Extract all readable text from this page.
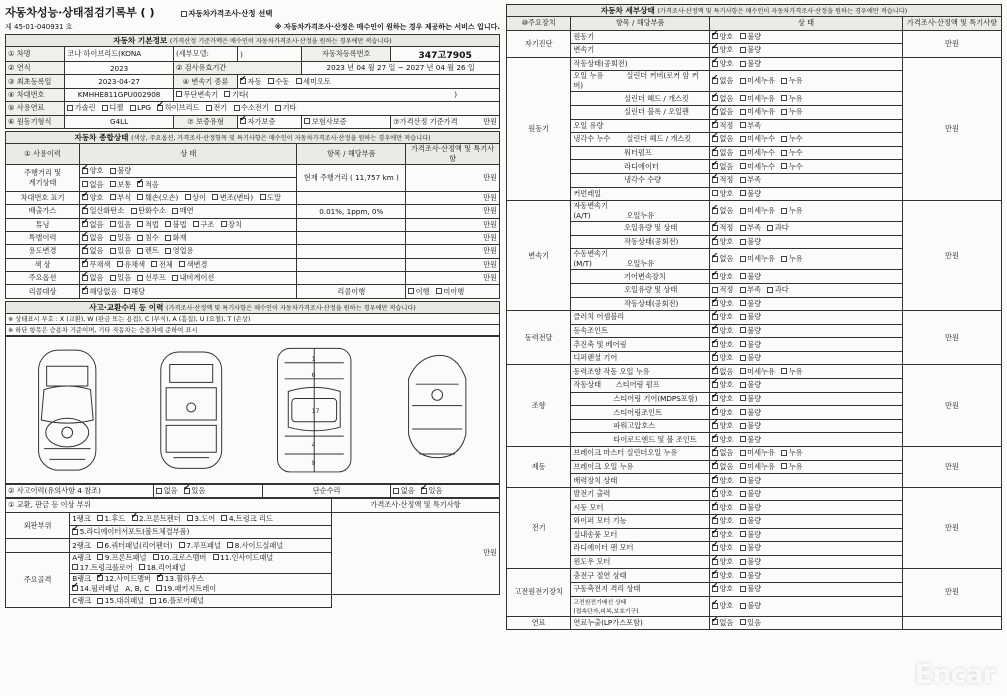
자동차성능·상태점검기록부 ( )	자동차가격조사·산정 선택
제 45-01-040931 호	※ 자동차가격조사·산정은 매수인이 원하는 경우 제공하는 서비스 입니다.
자동차 기본정보 (가격산정 기준가액은 매수인이 자동차가격조사·산정을 원하는 경우에만 적습니다)					
① 차명	코나 하이브리드(KONA	(세부모델:	)	자동차등록번호	347고7905
② 연식	2023	② 검사유효기간		2023 년 04 월 27 일 ~ 2027 년 04 월 26 일	
③ 최초등록일	2023-04-27	④ 변속기 종류	✔자동 수동 세미오토
④ 차대번호	KMHHE811GPU002908	무단변속기 기타( )			

⑤ 사용연료	가솔린 디젤 LPG ✔ 하이브리드 전기 수소전기 기타
⑥ 원동기형식	G4LL	⑦ 보증유형	✔자가보증	보험사보증	⑦가격산정 기준가격 만원
자동차 종합상태 (색상, 주요옵션, 가격조사·산정항목 및 특기사항은 매수인이 자동차가격조사·산정을 원하는 경우에만 적습니다)			
① 사용이력	상 태	항목 / 해당부품	가격조사·산정액 및 특기사항
주행거리 및
계기상태	✔양호 불량	현재 주행거리 ( 11,757 km )	만원
	없음 보통 ✔ 적음
차대번호 표기	✔양호 부식 훼손(오손) 상이 변조(변타) 도말		만원
배출가스	✔일산화탄소 탄화수소 매연	0.01%, 1ppm, 0%	만원
튜닝	✔없음 있음 적법 불법 구조 장치		만원
특별이력	✔없음 있음 침수 화재		만원
용도변경	✔없음 있음 렌트 영업용		만원
색 상	✔무채색 유채색 전체 색변경		만원
주요옵션	✔없음 있음 선루프 내비게이션		만원
리콜대상	✔해당없음 해당	리콜이행	이행 미이행
사고·교환수리 등 이력 (가격조사·산정액 및 특기사항은 매수인이 자동차가격조사·산정을 원하는 경우에만 적습니다)
※ 상태표시 부호 : X (교환), W (판금 또는 용접), C (부식), A (흠집), U (요철), T (손상)
※ 하단 항목은 승용차 기준이며, 기타 자동차는 승용차에 준하여 표시
1
6
17
4
9
② 사고이력(유의사항 4 참조)	없음 ✔ 있음	단순수리	없음 ✔ 있음
① 교환, 판금 등 이상 부위		가격조사·산정액 및 특기사항
외판부위	1랭크 1.후드 ✔ 2.프론트펜더 3.도어 4.트렁크 리드	만원
✔5.라디에이터서포트(볼트체결부품)
	2랭크 6.쿼터패널(리어펜더) 7.루프패널 8.사이드실패널	
주요골격	A랭크 9.프론트패널 10.크로스멤버 11.인사이드패널
17.트렁크플로어 18.리어패널	
	B랭크 ✔ 12.사이드멤버 ✔ 13.휠하우스
✔14.필러패널 A, B, C 19.패키지트레이
	C랭크 15.대쉬패널 16.플로어패널	
자동차 세부상태 (가격조사·산정액 및 특기사항은 매수인이 자동차가격조사·산정을 원하는 경우에만 적습니다)			
⑩주요장치	항목 / 해당부품	상 태	가격조사·산정액 및 특기사항
자기진단	원동기	✔양호 불량	만원
	변속기	✔양호 불량
원동기	작동상태(공회전)	✔양호 불량	만원
	오일 누유 실린더 커버(로커 암 커버)	✔없음 미세누유 누유
	실린더 헤드 / 개스킷	✔없음 미세누유 누유
	실린더 블록 / 오일팬	✔없음 미세누유 누유
	오일 유량	✔적정 부족
	냉각수 누수 실린더 헤드 / 개스킷	✔없음 미세누수 누수
	워터펌프	✔없음 미세누수 누수
	라디에이터	✔없음 미세누수 누수
	냉각수 수량	✔적정 부족
	커먼레일	양호 불량	
변속기	자동변속기(A/T) 오일누유	✔없음 미세누유 누유	만원
	오일유량 및 상태	✔적정 부족 과다
	작동상태(공회전)	✔양호 불량
	수동변속기(M/T) 오일누유	✔없음 미세누유 누유
	기어변속장치	✔양호 불량
	오일유량 및 상태	적정 부족 과다	
	작동상태(공회전)	✔양호 불량
동력전달	클러치 어셈블리	✔양호 불량	만원
	등속조인트	✔양호 불량
	추진축 및 베어링	✔양호 불량
	디퍼렌셜 기어	✔양호 불량
조향	동력조향 작동 오일 누유	✔없음 미세누유 누유	만원
	작동상태 스티어링 펌프	✔양호 불량
	스티어링 기어(MDPS포함)	✔양호 불량
	스티어링조인트	✔양호 불량
	파워고압호스	✔양호 불량
	타이로드엔드 및 볼 조인트	✔양호 불량
제동	브레이크 마스터 실린더오일 누유	✔없음 미세누유 누유	만원
	브레이크 오일 누유	✔없음 미세누유 누유
	배력장치 상태	✔양호 불량
전기	발전기 출력	✔양호 불량	만원
	시동 모터	✔양호 불량
	와이퍼 모터 기능	✔양호 불량
	실내송풍 모터	✔양호 불량
	라디에이터 팬 모터	✔양호 불량
	윈도우 모터	✔양호 불량
고전원전기장치	충전구 절연 상태	✔양호 불량	만원
	구동축전지 격리 상태	✔양호 불량
	고전원전기배선 상태
(접속단자,피복,보호기구)	✔양호 불량
연료	연료누출(LP가스포함)	✔없음 있음	
Encar
